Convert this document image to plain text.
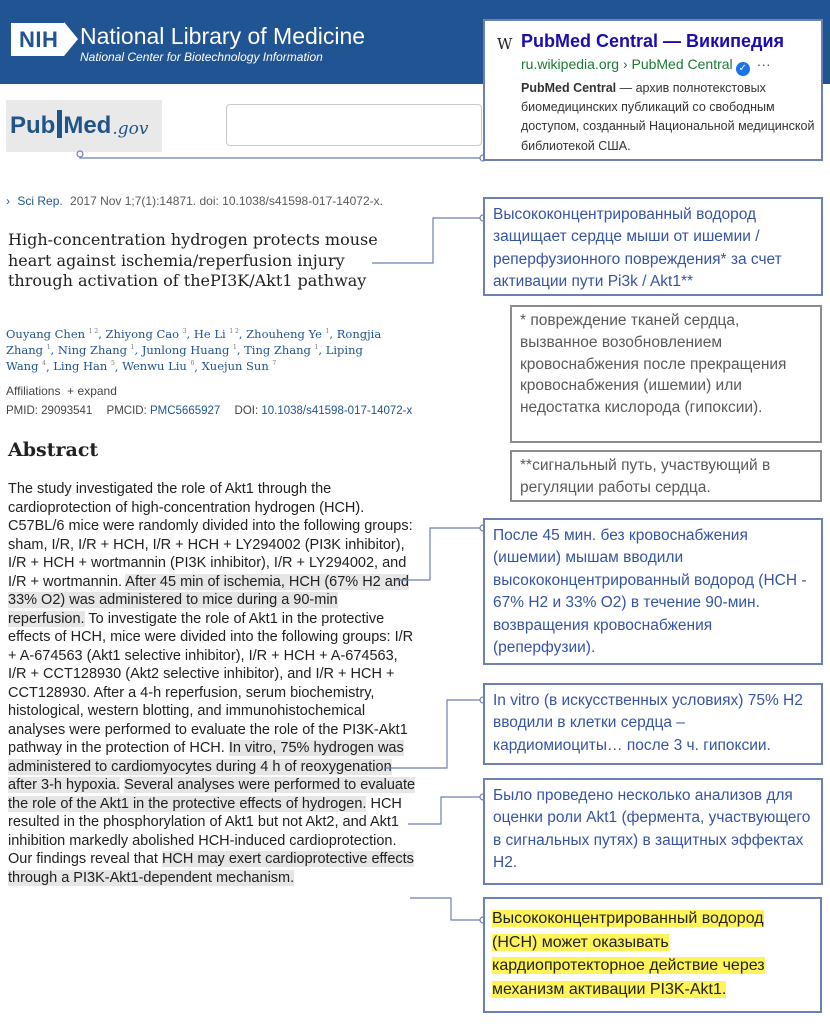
NIH National Library of Medicine
National Center for Biotechnology Information
Pub Med .gov
› Sci Rep. 2017 Nov 1;7(1):14871. doi: 10.1038/s41598-017-14072-x.
High-concentration hydrogen protects mouse heart against ischemia/reperfusion injury through activation of thePI3K/Akt1 pathway
Ouyang Chen $^{1 2}$, Zhiyong Cao $^3$, He Li $^{1 2}$, Zhouheng Ye $^1$, Rongjia Zhang $^1$, Ning Zhang $^1$, Junlong Huang $^1$, Ting Zhang $^1$, Liping Wang $^4$, Ling Han $^5$, Wenwu Liu $^6$, Xuejun Sun $^7$
Affiliations + expand
PMID: 29093541 PMCID: PMC5665927 DOI: 10.1038/s41598-017-14072-x
Abstract
The study investigated the role of Akt1 through the cardioprotection of high-concentration hydrogen (HCH). C57BL/6 mice were randomly divided into the following groups: sham, I/R, I/R + HCH, I/R + HCH + LY294002 (PI3K inhibitor), I/R + HCH + wortmannin (PI3K inhibitor), I/R + LY294002, and I/R + wortmannin. After 45 min of ischemia, HCH (67% H2 and 33% O2) was administered to mice during a 90-min reperfusion. To investigate the role of Akt1 in the protective effects of HCH, mice were divided into the following groups: I/R + A-674563 (Akt1 selective inhibitor), I/R + HCH + A-674563, I/R + CCT128930 (Akt2 selective inhibitor), and I/R + HCH + CCT128930. After a 4-h reperfusion, serum biochemistry, histological, western blotting, and immunohistochemical analyses were performed to evaluate the role of the PI3K-Akt1 pathway in the protection of HCH. In vitro, 75% hydrogen was administered to cardiomyocytes during 4 h of reoxygenation after 3-h hypoxia. Several analyses were performed to evaluate the role of the Akt1 in the protective effects of hydrogen. HCH resulted in the phosphorylation of Akt1 but not Akt2, and Akt1 inhibition markedly abolished HCH-induced cardioprotection. Our findings reveal that HCH may exert cardioprotective effects through a PI3K-Akt1-dependent mechanism.
W PubMed Central — Википедия
ru.wikipedia.org › PubMed Central ✓ ···
PubMed Central — архив полнотекстовых биомедицинских публикаций со свободным доступом, созданный Национальной медицинской библиотекой США.
Высококонцентрированный водород защищает сердце мыши от ишемии / реперфузионного повреждения* за счет активации пути Pi3k / Akt1**
* повреждение тканей сердца, вызванное возобновлением кровоснабжения после прекращения кровоснабжения (ишемии) или недостатка кислорода (гипоксии).
**сигнальный путь, участвующий в регуляции работы сердца.
После 45 мин. без кровоснабжения (ишемии) мышам вводили высококонцентрированный водород (HCH - 67% H2 и 33% O2) в течение 90-мин. возвращения кровоснабжения (реперфузии).
In vitro (в искусственных условиях) 75% H2 вводили в клетки сердца – кардиомиоциты… после 3 ч. гипоксии.
Было проведено несколько анализов для оценки роли Akt1 (фермента, участвующего в сигнальных путях) в защитных эффектах H2.
Высококонцентрированный водород (HCH) может оказывать кардиопротекторное действие через механизм активации PI3K-Akt1.
